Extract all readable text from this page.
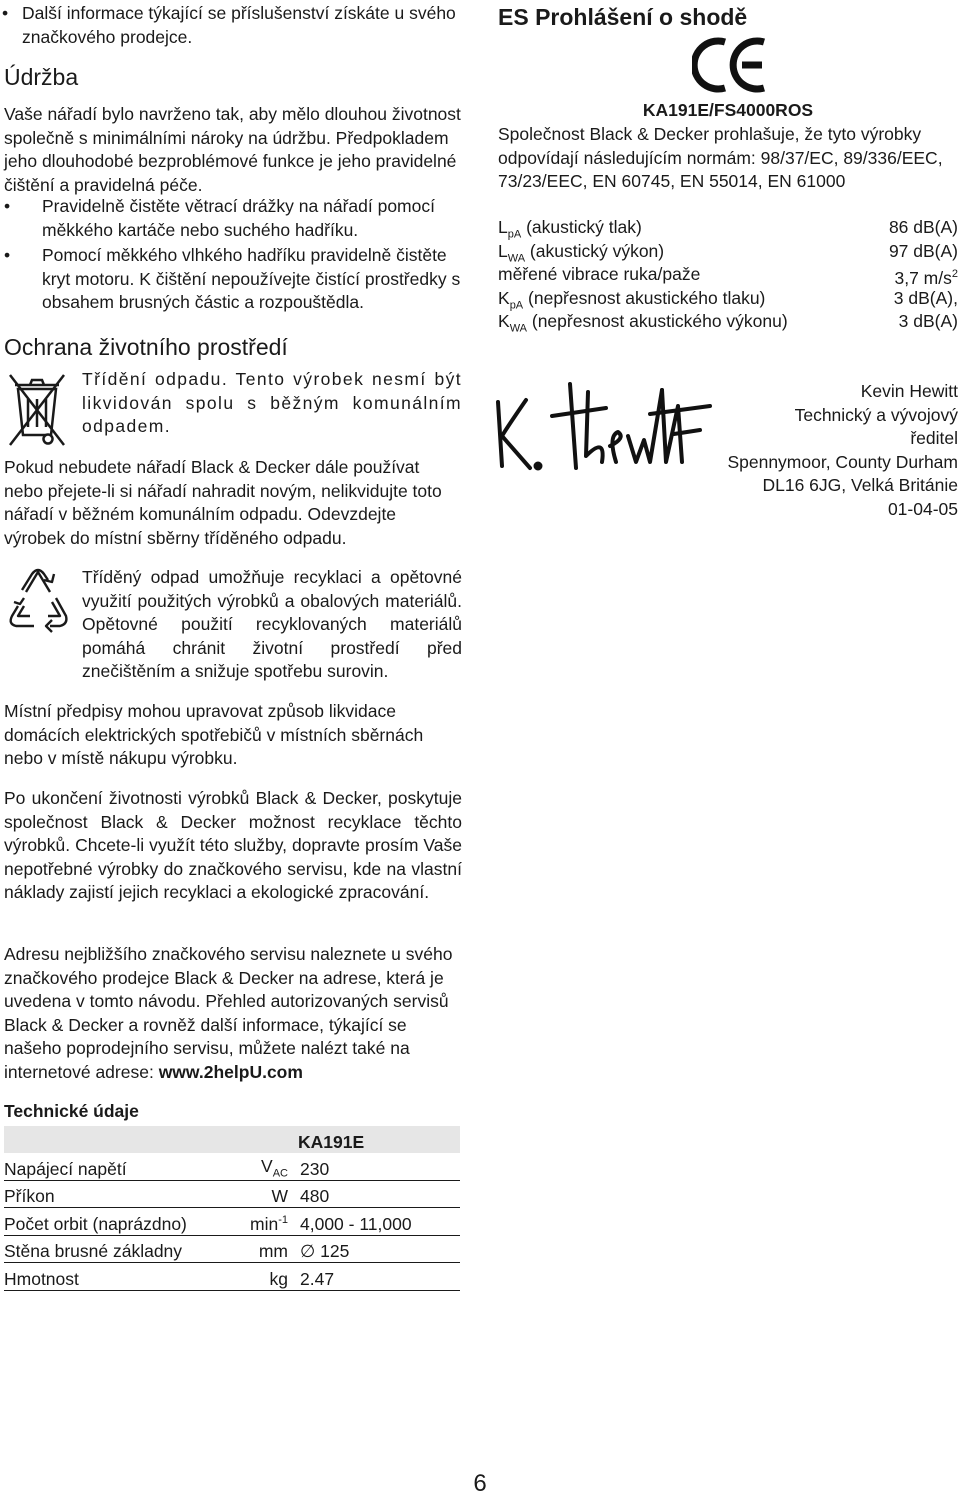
• Další informace týkající se příslušenství získáte u svého značkového prodejce.

Údržba

Vaše nářadí bylo navrženo tak, aby mělo dlouhou životnost společně s minimálními nároky na údržbu. Předpokladem jeho dlouhodobé bezproblémové funkce je jeho pravidelné čištění a pravidelná péče.

• Pravidelně čistěte větrací drážky na nářadí pomocí měkkého kartáče nebo suchého hadříku.

• Pomocí měkkého vlhkého hadříku pravidelně čistěte kryt motoru. K čištění nepoužívejte čistící prostředky s obsahem brusných částic a rozpouštědla.

Ochrana životního prostředí

Třídění odpadu. Tento výrobek nesmí být likvidován spolu s běžným komunálním odpadem.

Pokud nebudete nářadí Black & Decker dále používat nebo přejete-li si nářadí nahradit novým, nelikvidujte toto nářadí v běžném komunálním odpadu. Odevzdejte výrobek do místní sběrny tříděného odpadu.

Tříděný odpad umožňuje recyklaci a opětovné využití použitých výrobků a obalových materiálů. Opětovné použití recyklovaných materiálů pomáhá chránit životní prostředí před znečištěním a snižuje spotřebu surovin.

Místní předpisy mohou upravovat způsob likvidace domácích elektrických spotřebičů v místních sběrnách nebo v místě nákupu výrobku.

Po ukončení životnosti výrobků Black & Decker, poskytuje společnost Black & Decker možnost recyklace těchto výrobků. Chcete-li využít této služby, dopravte prosím Vaše nepotřebné výrobky do značkového servisu, kde na vlastní náklady zajistí jejich recyklaci a ekologické zpracování.

Adresu nejbližšího značkového servisu naleznete u svého značkového prodejce Black & Decker na adrese, která je uvedena v tomto návodu. Přehled autorizovaných servisů Black & Decker a rovněž další informace, týkající se našeho poprodejního servisu, můžete nalézt také na internetové adrese: www.2helpU.com

Technické údaje
		KA191E
Napájecí napětí	$V_{AC}$	230
Příkon	W	480
Počet orbit (naprázdno)	$\min^{-1}$	4,000 - 11,000
Stěna brusné základny	mm	∅ 125
Hmotnost	kg	2.47
ES Prohlášení o shodě
KA191E/FS4000ROS

Společnost Black & Decker prohlašuje, že tyto výrobky odpovídají následujícím normám: 98/37/EC, 89/336/EEC, 73/23/EEC, EN 60745, EN 55014, EN 61000

$L_{pA}$ (akustický tlak)	86 dB(A)
$L_{WA}$ (akustický výkon)	97 dB(A)
měřené vibrace ruka/paže	3,7 $m/s^2$
$K_{pA}$ (nepřesnost akustického tlaku)	3 dB(A),
$K_{WA}$ (nepřesnost akustického výkonu)	3 dB(A)
Kevin Hewitt
Technický a vývojový
ředitel
Spennymoor, County Durham
DL16 6JG, Velká Británie
01-04-05
6
